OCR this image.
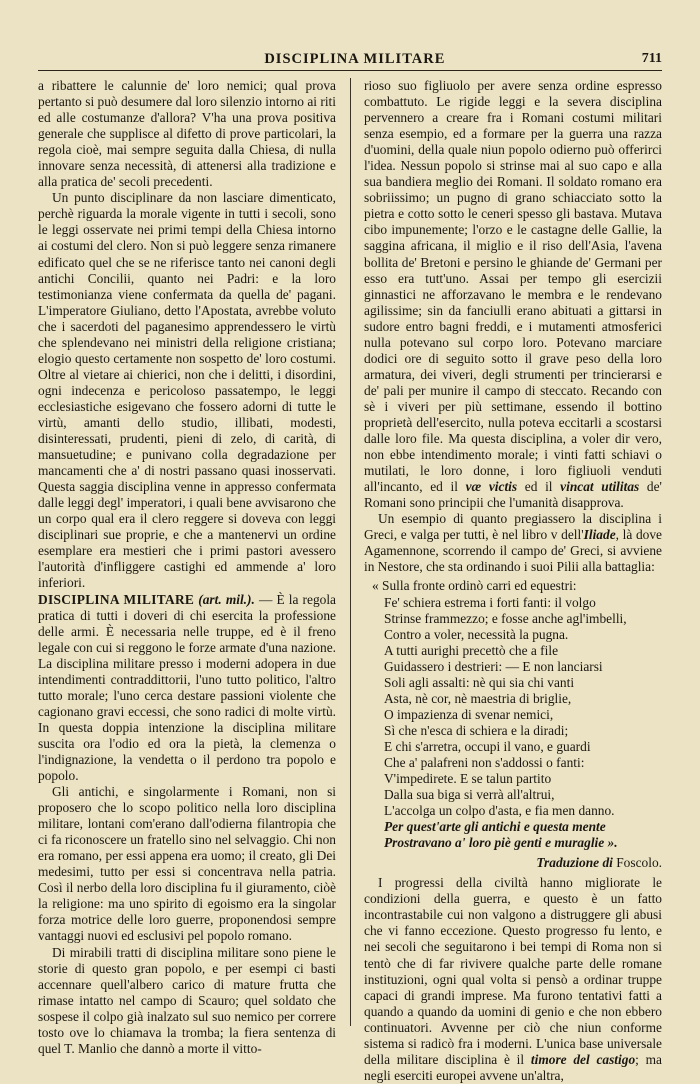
DISCIPLINA MILITARE	711

a ribattere le calunnie de' loro nemici; qual prova pertanto si può desumere dal loro silenzio intorno ai riti ed alle costumanze d'allora? V'ha una prova positiva generale che supplisce al difetto di prove particolari, la regola cioè, mai sempre seguita dalla Chiesa, di nulla innovare senza necessità, di attenersi alla tradizione e alla pratica de' secoli precedenti.

Un punto disciplinare da non lasciare dimenticato, perchè riguarda la morale vigente in tutti i secoli, sono le leggi osservate nei primi tempi della Chiesa intorno ai costumi del clero. Non si può leggere senza rimanere edificato quel che se ne riferisce tanto nei canoni degli antichi Concilii, quanto nei Padri: e la loro testimonianza viene confermata da quella de' pagani. L'imperatore Giuliano, detto l'Apostata, avrebbe voluto che i sacerdoti del paganesimo apprendessero le virtù che splendevano nei ministri della religione cristiana; elogio questo certamente non sospetto de' loro costumi. Oltre al vietare ai chierici, non che i delitti, i disordini, ogni indecenza e pericoloso passatempo, le leggi ecclesiastiche esigevano che fossero adorni di tutte le virtù, amanti dello studio, illibati, modesti, disinteressati, prudenti, pieni di zelo, di carità, di mansuetudine; e punivano colla degradazione per mancamenti che a' di nostri passano quasi inosservati. Questa saggia disciplina venne in appresso confermata dalle leggi degl' imperatori, i quali bene avvisarono che un corpo qual era il clero reggere si doveva con leggi disciplinari sue proprie, e che a mantenervi un ordine esemplare era mestieri che i primi pastori avessero l'autorità d'infliggere castighi ed ammende a' loro inferiori.

DISCIPLINA MILITARE (art. mil.). — È la regola pratica di tutti i doveri di chi esercita la professione delle armi. È necessaria nelle truppe, ed è il freno legale con cui si reggono le forze armate d'una nazione. La disciplina militare presso i moderni adopera in due intendimenti contraddittorii, l'uno tutto politico, l'altro tutto morale; l'uno cerca destare passioni violente che cagionano gravi eccessi, che sono radici di molte virtù. In questa doppia intenzione la disciplina militare suscita ora l'odio ed ora la pietà, la clemenza o l'indignazione, la vendetta o il perdono tra popolo e popolo.

Gli antichi, e singolarmente i Romani, non si proposero che lo scopo politico nella loro disciplina militare, lontani com'erano dall'odierna filantropia che ci fa riconoscere un fratello sino nel selvaggio. Chi non era romano, per essi appena era uomo; il creato, gli Dei medesimi, tutto per essi si concentrava nella patria. Così il nerbo della loro disciplina fu il giuramento, ciòè la religione: ma uno spirito di egoismo era la singolar forza motrice delle loro guerre, proponendosi sempre vantaggi nuovi ed esclusivi pel popolo romano.

Di mirabili tratti di disciplina militare sono piene le storie di questo gran popolo, e per esempi ci basti accennare quell'albero carico di mature frutta che rimase intatto nel campo di Scauro; quel soldato che sospese il colpo già inalzato sul suo nemico per correre tosto ove lo chiamava la tromba; la fiera sentenza di quel T. Manlio che dannò a morte il vitto-

rioso suo figliuolo per avere senza ordine espresso combattuto. Le rigide leggi e la severa disciplina pervennero a creare fra i Romani costumi militari senza esempio, ed a formare per la guerra una razza d'uomini, della quale niun popolo odierno può offerirci l'idea. Nessun popolo si strinse mai al suo capo e alla sua bandiera meglio dei Romani. Il soldato romano era sobriissimo; un pugno di grano schiacciato sotto la pietra e cotto sotto le ceneri spesso gli bastava. Mutava cibo impunemente; l'orzo e le castagne delle Gallie, la saggina africana, il miglio e il riso dell'Asia, l'avena bollita de' Bretoni e persino le ghiande de' Germani per esso era tutt'uno. Assai per tempo gli esercizii ginnastici ne afforzavano le membra e le rendevano agilissime; sin da fanciulli erano abituati a gittarsi in sudore entro bagni freddi, e i mutamenti atmosferici nulla potevano sul corpo loro. Potevano marciare dodici ore di seguito sotto il grave peso della loro armatura, dei viveri, degli strumenti per trincierarsi e de' pali per munire il campo di steccato. Recando con sè i viveri per più settimane, essendo il bottino proprietà dell'esercito, nulla poteva eccitarli a scostarsi dalle loro file. Ma questa disciplina, a voler dir vero, non ebbe intendimento morale; i vinti fatti schiavi o mutilati, le loro donne, i loro figliuoli venduti all'incanto, ed il væ victis ed il vincat utilitas de' Romani sono principii che l'umanità disapprova.

Un esempio di quanto pregiassero la disciplina i Greci, e valga per tutti, è nel libro v dell'Iliade, là dove Agamennone, scorrendo il campo de' Greci, si avviene in Nestore, che sta ordinando i suoi Pilii alla battaglia:

« Sulla fronte ordinò carri ed equestri:
Fe' schiera estrema i forti fanti: il volgo
Strinse frammezzo; e fosse anche agl'imbelli,
Contro a voler, necessità la pugna.
A tutti aurighi precettò che a file
Guidassero i destrieri: — E non lanciarsi
Soli agli assalti: nè qui sia chi vanti
Asta, nè cor, nè maestria di briglie,
O impazienza di svenar nemici,
Sì che n'esca di schiera e la diradi;
E chi s'arretra, occupi il vano, e guardi
Che a' palafreni non s'addossi o fanti:
V'impedirete. E se talun partito
Dalla sua biga si verrà all'altrui,
L'accolga un colpo d'asta, e fia men danno.
Per quest'arte gli antichi e questa mente
Prostravano a' loro piè genti e muraglie ».
Traduzione di Foscolo.

I progressi della civiltà hanno migliorate le condizioni della guerra, e questo è un fatto incontrastabile cui non valgono a distruggere gli abusi che vi fanno eccezione. Questo progresso fu lento, e nei secoli che seguitarono i bei tempi di Roma non si tentò che di far rivivere qualche parte delle romane instituzioni, ogni qual volta si pensò a ordinar truppe capaci di grandi imprese. Ma furono tentativi fatti a quando a quando da uomini di genio e che non ebbero continuatori. Avvenne per ciò che niun conforme sistema si radicò fra i moderni. L'unica base universale della militare disciplina è il timore del castigo; ma negli eserciti europei avvene un'altra,
